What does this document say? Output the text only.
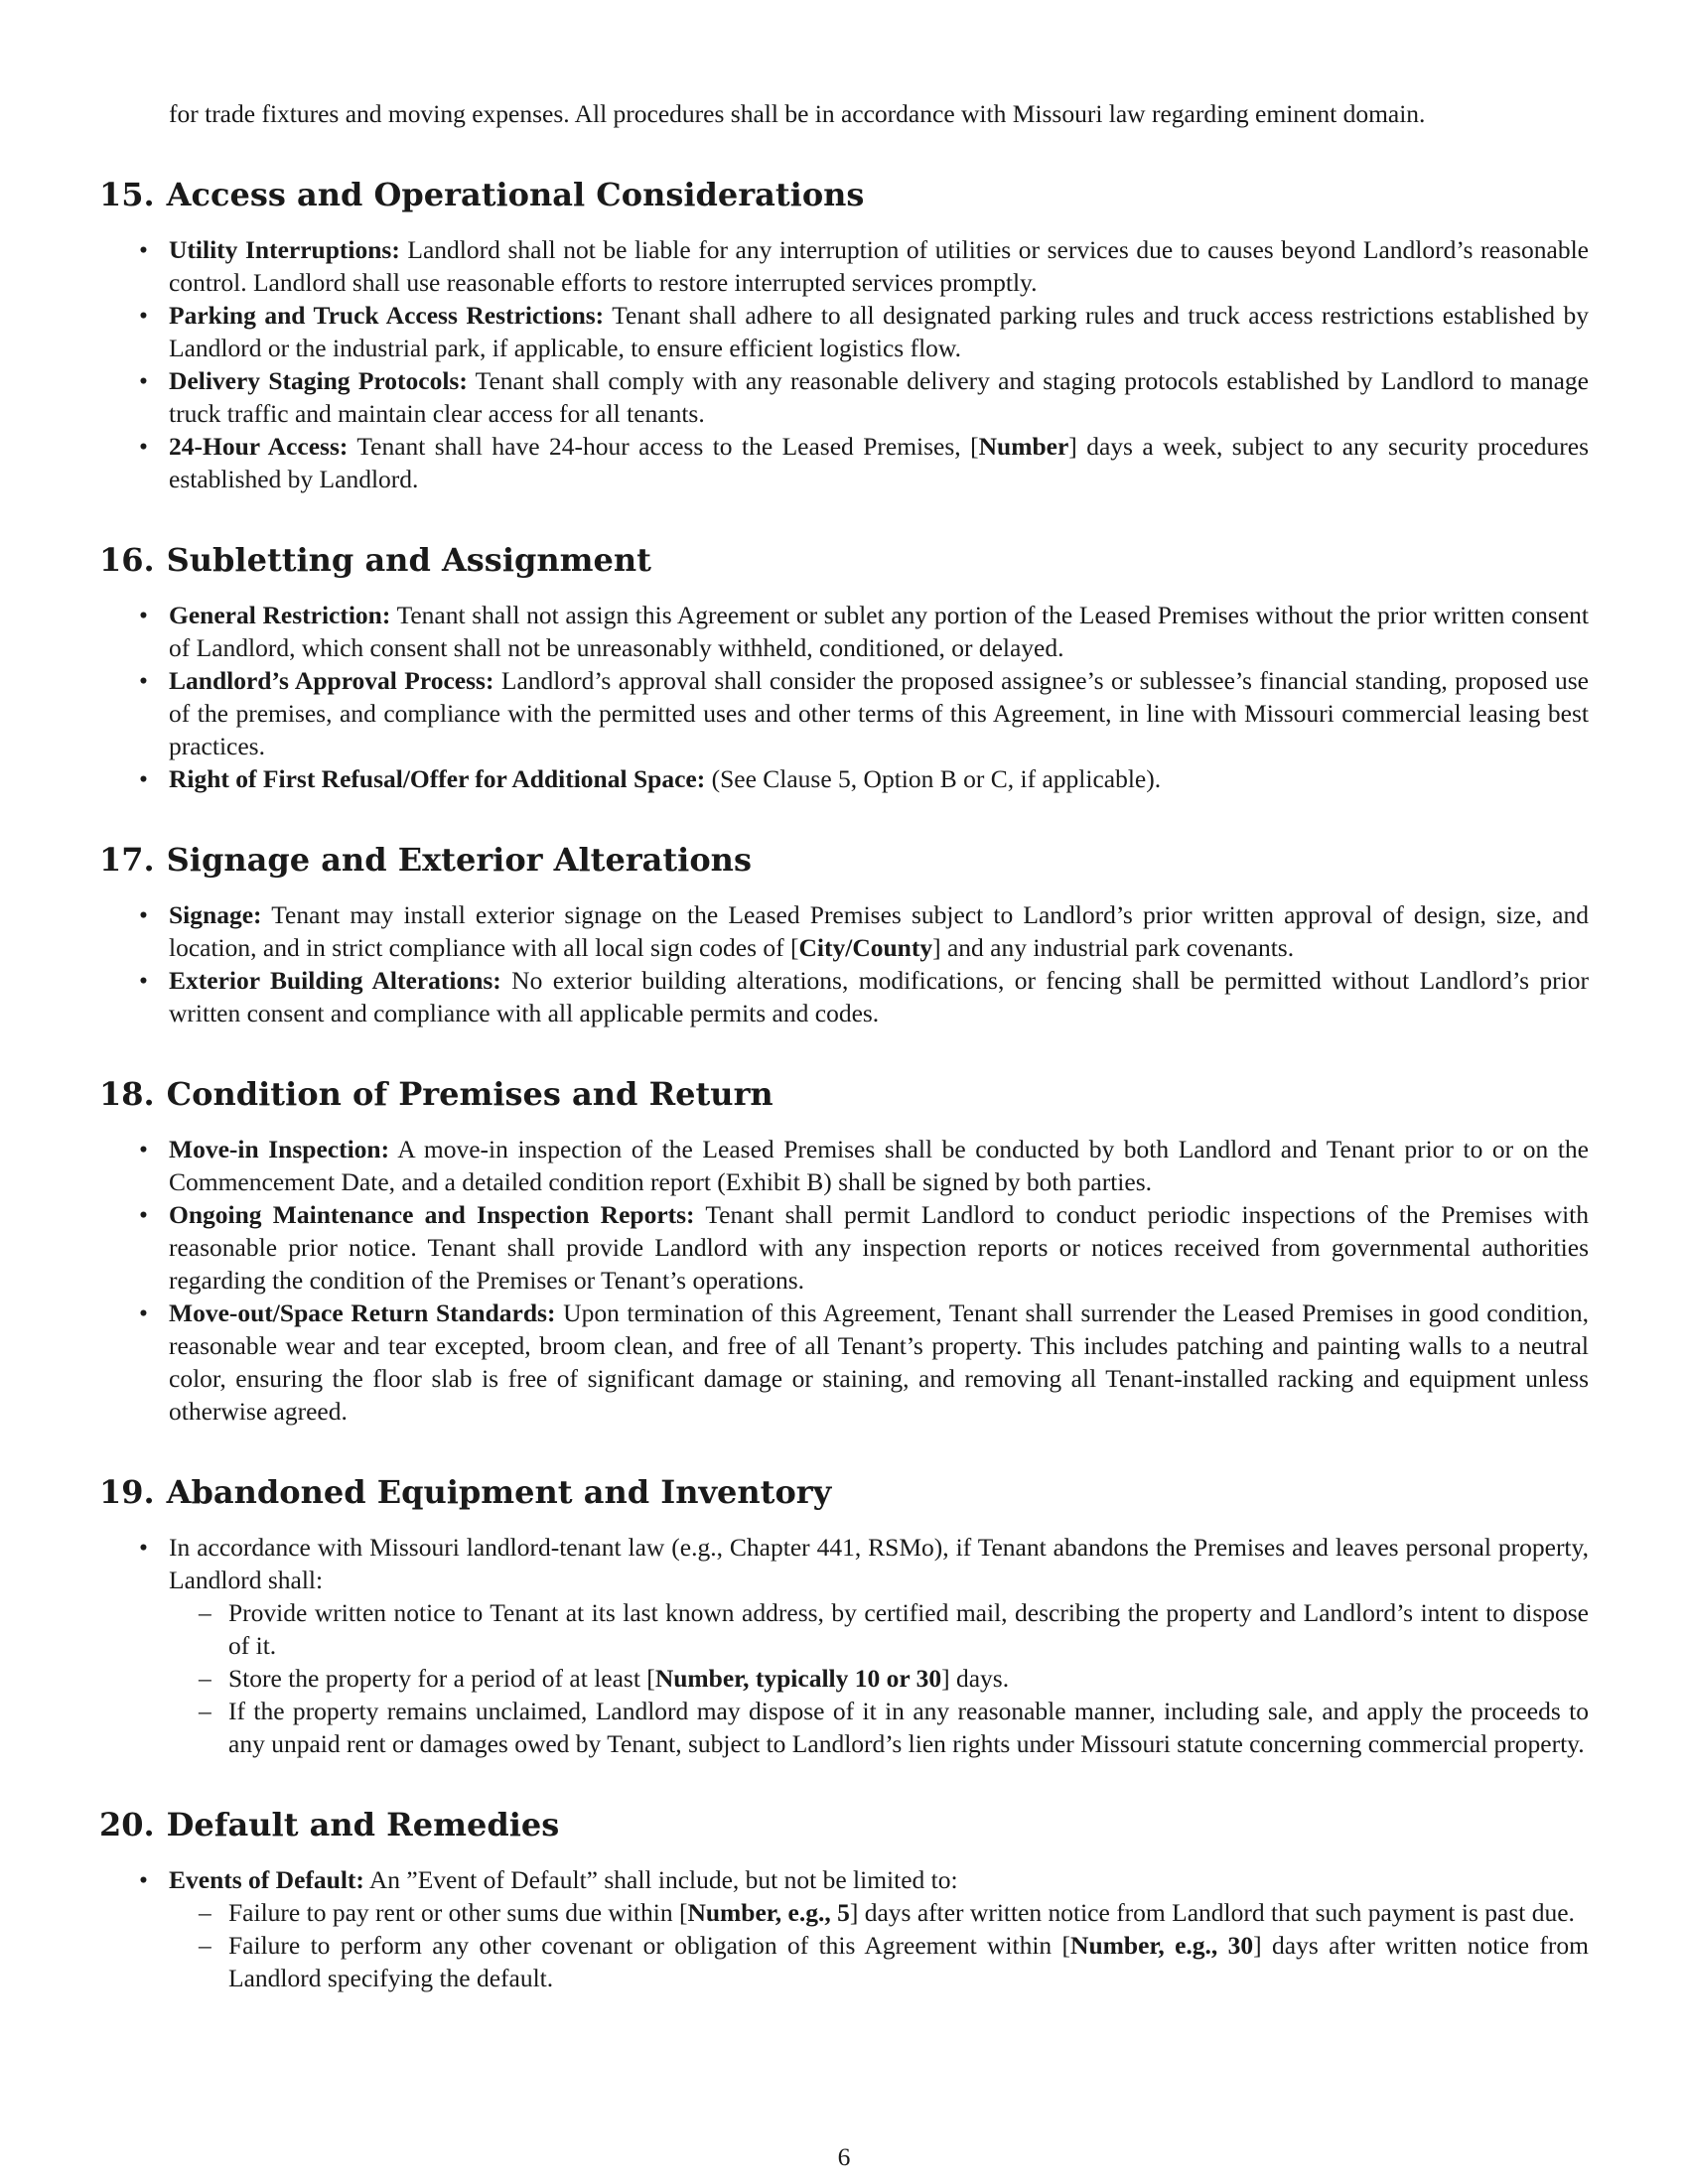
for trade fixtures and moving expenses. All procedures shall be in accordance with Missouri law regarding eminent domain.

15. Access and Operational Considerations
• Utility Interruptions: Landlord shall not be liable for any interruption of utilities or services due to causes beyond Landlord’s reasonable control. Landlord shall use reasonable efforts to restore interrupted services promptly.
• Parking and Truck Access Restrictions: Tenant shall adhere to all designated parking rules and truck access restrictions established by Landlord or the industrial park, if applicable, to ensure efficient logistics flow.
• Delivery Staging Protocols: Tenant shall comply with any reasonable delivery and staging protocols established by Landlord to manage truck traffic and maintain clear access for all tenants.
• 24-Hour Access: Tenant shall have 24-hour access to the Leased Premises, [Number] days a week, subject to any security procedures established by Landlord.
16. Subletting and Assignment
• General Restriction: Tenant shall not assign this Agreement or sublet any portion of the Leased Premises without the prior written consent of Landlord, which consent shall not be unreasonably withheld, conditioned, or delayed.
• Landlord’s Approval Process: Landlord’s approval shall consider the proposed assignee’s or sublessee’s financial standing, proposed use of the premises, and compliance with the permitted uses and other terms of this Agreement, in line with Missouri commercial leasing best practices.
• Right of First Refusal/Offer for Additional Space: (See Clause 5, Option B or C, if applicable).
17. Signage and Exterior Alterations
• Signage: Tenant may install exterior signage on the Leased Premises subject to Landlord’s prior written approval of design, size, and location, and in strict compliance with all local sign codes of [City/County] and any industrial park covenants.
• Exterior Building Alterations: No exterior building alterations, modifications, or fencing shall be permitted without Landlord’s prior written consent and compliance with all applicable permits and codes.
18. Condition of Premises and Return
• Move-in Inspection: A move-in inspection of the Leased Premises shall be conducted by both Landlord and Tenant prior to or on the Commencement Date, and a detailed condition report (Exhibit B) shall be signed by both parties.
• Ongoing Maintenance and Inspection Reports: Tenant shall permit Landlord to conduct periodic inspections of the Premises with reasonable prior notice. Tenant shall provide Landlord with any inspection reports or notices received from governmental authorities regarding the condition of the Premises or Tenant’s operations.
• Move-out/Space Return Standards: Upon termination of this Agreement, Tenant shall surrender the Leased Premises in good condition, reasonable wear and tear excepted, broom clean, and free of all Tenant’s property. This includes patching and painting walls to a neutral color, ensuring the floor slab is free of significant damage or staining, and removing all Tenant-installed racking and equipment unless otherwise agreed.
19. Abandoned Equipment and Inventory
• In accordance with Missouri landlord-tenant law (e.g., Chapter 441, RSMo), if Tenant abandons the Premises and leaves personal property, Landlord shall:
– Provide written notice to Tenant at its last known address, by certified mail, describing the property and Landlord’s intent to dispose of it.
– Store the property for a period of at least [Number, typically 10 or 30] days.
– If the property remains unclaimed, Landlord may dispose of it in any reasonable manner, including sale, and apply the proceeds to any unpaid rent or damages owed by Tenant, subject to Landlord’s lien rights under Missouri statute concerning commercial property.
20. Default and Remedies
• Events of Default: An ”Event of Default” shall include, but not be limited to:
– Failure to pay rent or other sums due within [Number, e.g., 5] days after written notice from Landlord that such payment is past due.
– Failure to perform any other covenant or obligation of this Agreement within [Number, e.g., 30] days after written notice from Landlord specifying the default.
6
